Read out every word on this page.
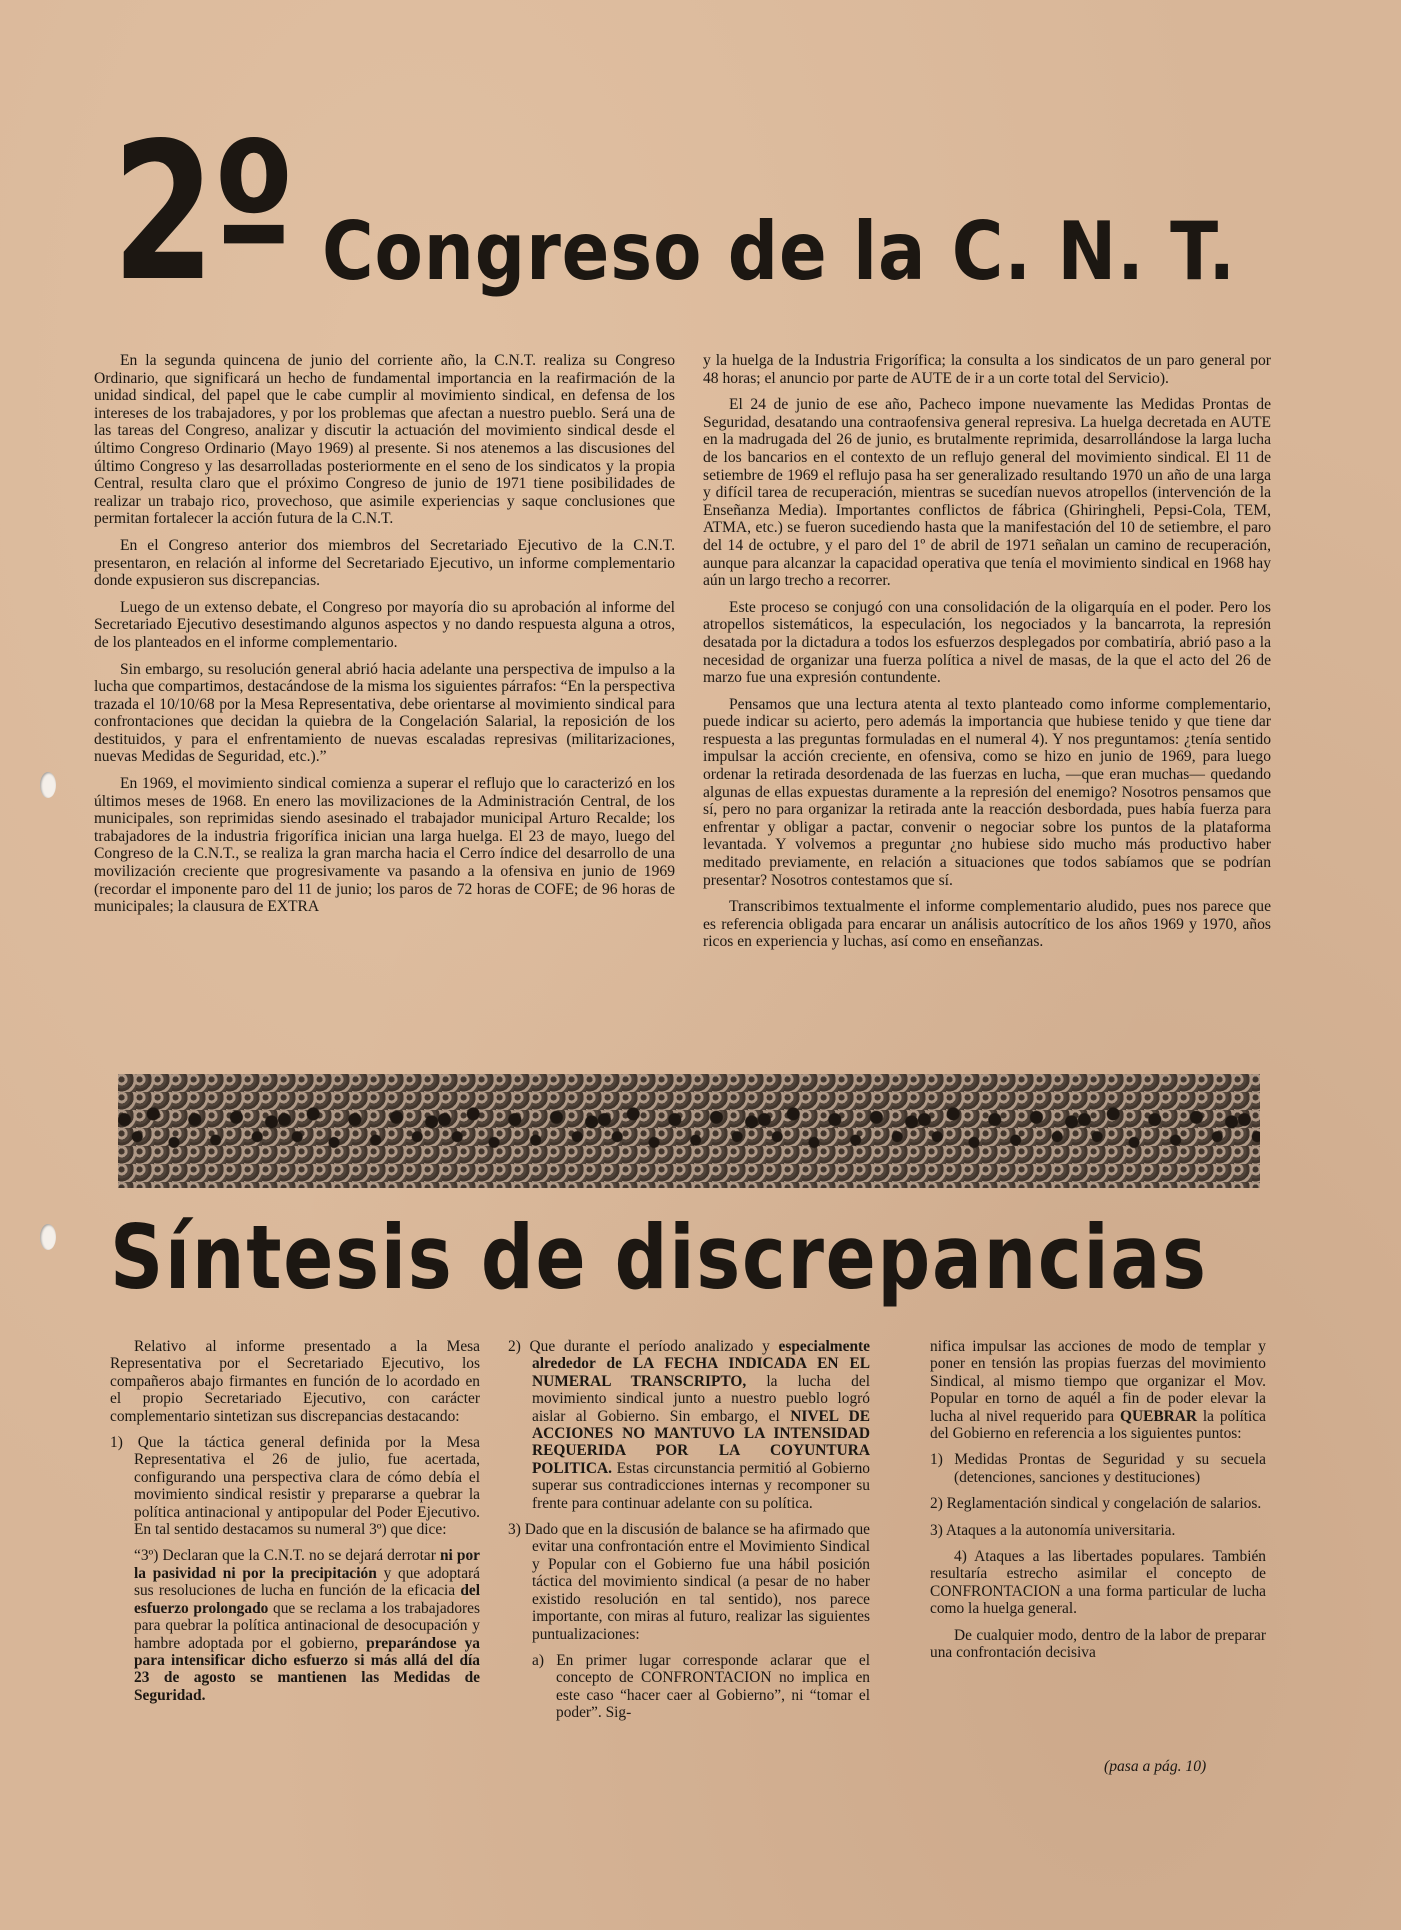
2º Congreso de la C. N. T.

En la segunda quincena de junio del corriente año, la C.N.T. realiza su Congreso Ordinario, que significará un hecho de fundamental importancia en la reafirmación de la unidad sindical, del papel que le cabe cumplir al movimiento sindical, en defensa de los intereses de los trabajadores, y por los problemas que afectan a nuestro pueblo. Será una de las tareas del Congreso, analizar y discutir la actuación del movimiento sindical desde el último Congreso Ordinario (Mayo 1969) al presente. Si nos atenemos a las discusiones del último Congreso y las desarrolladas posteriormente en el seno de los sindicatos y la propia Central, resulta claro que el próximo Congreso de junio de 1971 tiene posibilidades de realizar un trabajo rico, provechoso, que asimile experiencias y saque conclusiones que permitan fortalecer la acción futura de la C.N.T.

En el Congreso anterior dos miembros del Secretariado Ejecutivo de la C.N.T. presentaron, en relación al informe del Secretariado Ejecutivo, un informe complementario donde expusieron sus discrepancias.

Luego de un extenso debate, el Congreso por mayoría dio su aprobación al informe del Secretariado Ejecutivo desestimando algunos aspectos y no dando respuesta alguna a otros, de los planteados en el informe complementario.

Sin embargo, su resolución general abrió hacia adelante una perspectiva de impulso a la lucha que compartimos, destacándose de la misma los siguientes párrafos: “En la perspectiva trazada el 10/10/68 por la Mesa Representativa, debe orientarse al movimiento sindical para confrontaciones que decidan la quiebra de la Congelación Salarial, la reposición de los destituidos, y para el enfrentamiento de nuevas escaladas represivas (militarizaciones, nuevas Medidas de Seguridad, etc.).”

En 1969, el movimiento sindical comienza a superar el reflujo que lo caracterizó en los últimos meses de 1968. En enero las movilizaciones de la Administración Central, de los municipales, son reprimidas siendo asesinado el trabajador municipal Arturo Recalde; los trabajadores de la industria frigorífica inician una larga huelga. El 23 de mayo, luego del Congreso de la C.N.T., se realiza la gran marcha hacia el Cerro índice del desarrollo de una movilización creciente que progresivamente va pasando a la ofensiva en junio de 1969 (recordar el imponente paro del 11 de junio; los paros de 72 horas de COFE; de 96 horas de municipales; la clausura de EXTRA

y la huelga de la Industria Frigorífica; la consulta a los sindicatos de un paro general por 48 horas; el anuncio por parte de AUTE de ir a un corte total del Servicio).

El 24 de junio de ese año, Pacheco impone nuevamente las Medidas Prontas de Seguridad, desatando una contraofensiva general represiva. La huelga decretada en AUTE en la madrugada del 26 de junio, es brutalmente reprimida, desarrollándose la larga lucha de los bancarios en el contexto de un reflujo general del movimiento sindical. El 11 de setiembre de 1969 el reflujo pasa ha ser generalizado resultando 1970 un año de una larga y difícil tarea de recuperación, mientras se sucedían nuevos atropellos (intervención de la Enseñanza Media). Importantes conflictos de fábrica (Ghiringheli, Pepsi-Cola, TEM, ATMA, etc.) se fueron sucediendo hasta que la manifestación del 10 de setiembre, el paro del 14 de octubre, y el paro del 1º de abril de 1971 señalan un camino de recuperación, aunque para alcanzar la capacidad operativa que tenía el movimiento sindical en 1968 hay aún un largo trecho a recorrer.

Este proceso se conjugó con una consolidación de la oligarquía en el poder. Pero los atropellos sistemáticos, la especulación, los negociados y la bancarrota, la represión desatada por la dictadura a todos los esfuerzos desplegados por combatiría, abrió paso a la necesidad de organizar una fuerza política a nivel de masas, de la que el acto del 26 de marzo fue una expresión contundente.

Pensamos que una lectura atenta al texto planteado como informe complementario, puede indicar su acierto, pero además la importancia que hubiese tenido y que tiene dar respuesta a las preguntas formuladas en el numeral 4). Y nos preguntamos: ¿tenía sentido impulsar la acción creciente, en ofensiva, como se hizo en junio de 1969, para luego ordenar la retirada desordenada de las fuerzas en lucha, —que eran muchas— quedando algunas de ellas expuestas duramente a la represión del enemigo? Nosotros pensamos que sí, pero no para organizar la retirada ante la reacción desbordada, pues había fuerza para enfrentar y obligar a pactar, convenir o negociar sobre los puntos de la plataforma levantada. Y volvemos a preguntar ¿no hubiese sido mucho más productivo haber meditado previamente, en relación a situaciones que todos sabíamos que se podrían presentar? Nosotros contestamos que sí.

Transcribimos textualmente el informe complementario aludido, pues nos parece que es referencia obligada para encarar un análisis autocrítico de los años 1969 y 1970, años ricos en experiencia y luchas, así como en enseñanzas.

Síntesis de discrepancias

Relativo al informe presentado a la Mesa Representativa por el Secretariado Ejecutivo, los compañeros abajo firmantes en función de lo acordado en el propio Secretariado Ejecutivo, con carácter complementario sintetizan sus discrepancias destacando:

1) Que la táctica general definida por la Mesa Representativa el 26 de julio, fue acertada, configurando una perspectiva clara de cómo debía el movimiento sindical resistir y prepararse a quebrar la política antinacional y antipopular del Poder Ejecutivo. En tal sentido destacamos su numeral 3º) que dice:

“3º) Declaran que la C.N.T. no se dejará derrotar ni por la pasividad ni por la precipitación y que adoptará sus resoluciones de lucha en función de la eficacia del esfuerzo prolongado que se reclama a los trabajadores para quebrar la política antinacional de desocupación y hambre adoptada por el gobierno, preparándose ya para intensificar dicho esfuerzo si más allá del día 23 de agosto se mantienen las Medidas de Seguridad.

2) Que durante el período analizado y especialmente alrededor de LA FECHA INDICADA EN EL NUMERAL TRANSCRIPTO, la lucha del movimiento sindical junto a nuestro pueblo logró aislar al Gobierno. Sin embargo, el NIVEL DE ACCIONES NO MANTUVO LA INTENSIDAD REQUERIDA POR LA COYUNTURA POLITICA. Estas circunstancia permitió al Gobierno superar sus contradicciones internas y recomponer su frente para continuar adelante con su política.

3) Dado que en la discusión de balance se ha afirmado que evitar una confrontación entre el Movimiento Sindical y Popular con el Gobierno fue una hábil posición táctica del movimiento sindical (a pesar de no haber existido resolución en tal sentido), nos parece importante, con miras al futuro, realizar las siguientes puntualizaciones:

a) En primer lugar corresponde aclarar que el concepto de CONFRONTACION no implica en este caso “hacer caer al Gobierno”, ni “tomar el poder”. Sig-

nifica impulsar las acciones de modo de templar y poner en tensión las propias fuerzas del movimiento Sindical, al mismo tiempo que organizar el Mov. Popular en torno de aquél a fin de poder elevar la lucha al nivel requerido para QUEBRAR la política del Gobierno en referencia a los siguientes puntos:

1) Medidas Prontas de Seguridad y su secuela (detenciones, sanciones y destituciones)

2) Reglamentación sindical y congelación de salarios.

3) Ataques a la autonomía universitaria.

4) Ataques a las libertades populares. También resultaría estrecho asimilar el concepto de CONFRONTACION a una forma particular de lucha como la huelga general.

De cualquier modo, dentro de la labor de preparar una confrontación decisiva

(pasa a pág. 10)
